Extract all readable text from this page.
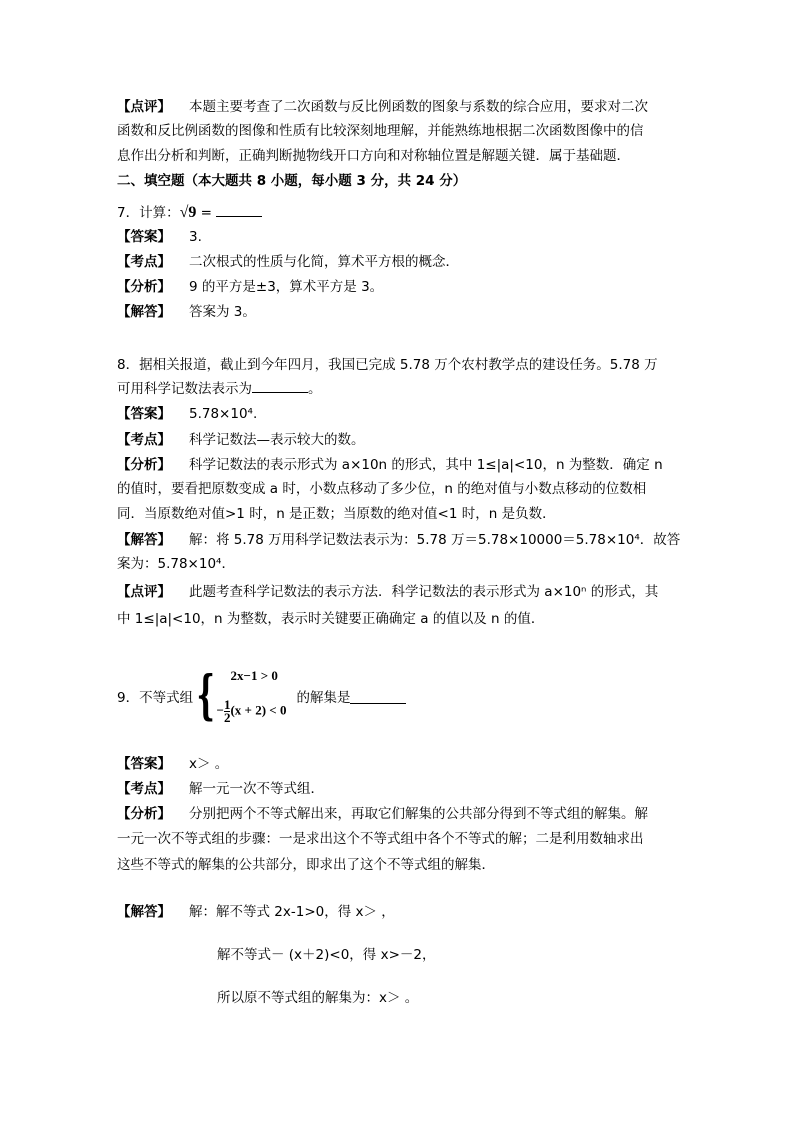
【点评】 本题主要考查了二次函数与反比例函数的图象与系数的综合应用，要求对二次
函数和反比例函数的图像和性质有比较深刻地理解，并能熟练地根据二次函数图像中的信
息作出分析和判断，正确判断抛物线开口方向和对称轴位置是解题关键．属于基础题．
二、填空题（本大题共 8 小题，每小题 3 分，共 24 分）
7．计算：√9 =
【答案】 3.
【考点】 二次根式的性质与化简，算术平方根的概念．
【分析】 9 的平方是±3，算术平方是 3。
【解答】 答案为 3。
8．据相关报道，截止到今年四月，我国已完成 5.78 万个农村教学点的建设任务。5.78 万
可用科学记数法表示为	。
【答案】 5.78×10⁴.
【考点】 科学记数法—表示较大的数。
【分析】 科学记数法的表示形式为 a×10n 的形式，其中 1≤|a|<10，n 为整数．确定 n
的值时，要看把原数变成 a 时，小数点移动了多少位，n 的绝对值与小数点移动的位数相
同．当原数绝对值>1 时，n 是正数；当原数的绝对值<1 时，n 是负数．
【解答】 解：将 5.78 万用科学记数法表示为：5.78 万＝5.78×10000＝5.78×10⁴．故答
案为：5.78×10⁴．
【点评】 此题考查科学记数法的表示方法．科学记数法的表示形式为 a×10ⁿ 的形式，其
中 1≤|a|<10，n 为整数，表示时关键要正确确定 a 的值以及 n 的值．
9．不等式组 {	2x−1 > 0
− $\frac{1}{2} (x + 2) < 0$
的解集是
【答案】 x＞ 。
【考点】 解一元一次不等式组．
【分析】 分别把两个不等式解出来，再取它们解集的公共部分得到不等式组的解集。解
一元一次不等式组的步骤：一是求出这个不等式组中各个不等式的解；二是利用数轴求出
这些不等式的解集的公共部分，即求出了这个不等式组的解集．
【解答】 解：解不等式 2x-1>0，得 x＞ ，
解不等式－ (x＋2)<0，得 x>－2，
所以原不等式组的解集为：x＞ 。
